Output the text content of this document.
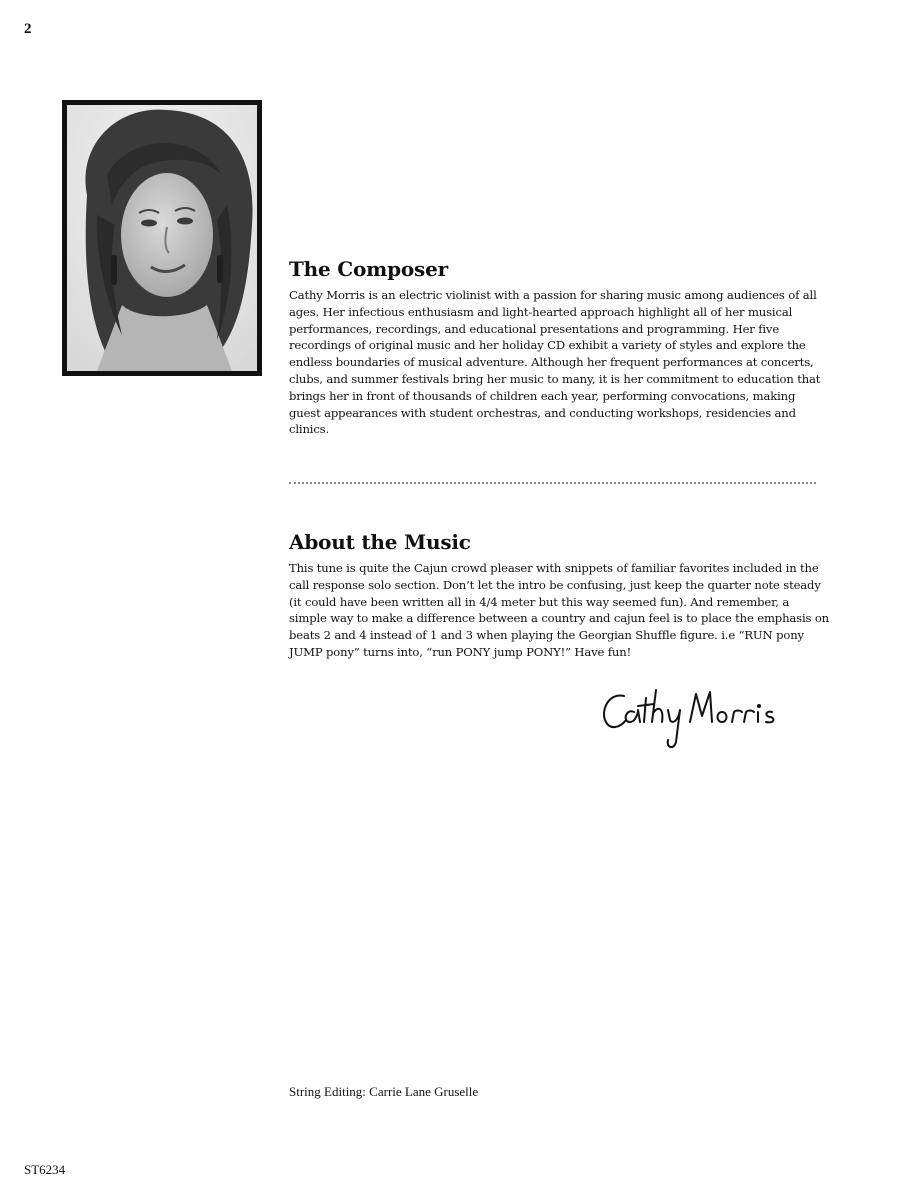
2
The Composer

Cathy Morris is an electric violinist with a passion for sharing music among audiences of all ages. Her infectious enthusiasm and light-hearted approach highlight all of her musical performances, recordings, and educational presentations and programming. Her five recordings of original music and her holiday CD exhibit a variety of styles and explore the endless boundaries of musical adventure. Although her frequent performances at concerts, clubs, and summer festivals bring her music to many, it is her commitment to education that brings her in front of thousands of children each year, performing convocations, making guest appearances with student orchestras, and conducting workshops, residencies and clinics.

About the Music

This tune is quite the Cajun crowd pleaser with snippets of familiar favorites included in the call response solo section. Don’t let the intro be confusing, just keep the quarter note steady (it could have been written all in 4/4 meter but this way seemed fun). And remember, a simple way to make a difference between a country and cajun feel is to place the emphasis on beats 2 and 4 instead of 1 and 3 when playing the Georgian Shuffle figure. i.e “RUN pony JUMP pony” turns into, “run PONY jump PONY!” Have fun!

String Editing: Carrie Lane Gruselle
ST6234
